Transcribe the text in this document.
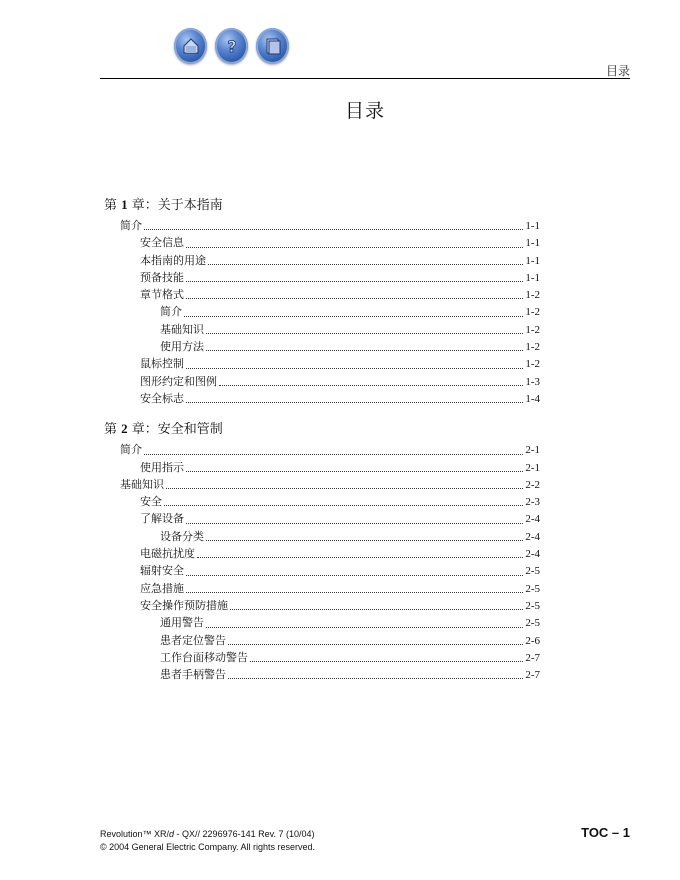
?
目录
目录
第 1 章：关于本指南
简介	1-1
安全信息	1-1
本指南的用途	1-1
预备技能	1-1
章节格式	1-2
简介	1-2
基础知识	1-2
使用方法	1-2
鼠标控制	1-2
图形约定和图例	1-3
安全标志	1-4
第 2 章：安全和管制
简介	2-1
使用指示	2-1
基础知识	2-2
安全	2-3
了解设备	2-4
设备分类	2-4
电磁抗扰度	2-4
辐射安全	2-5
应急措施	2-5
安全操作预防措施	2-5
通用警告	2-5
患者定位警告	2-6
工作台面移动警告	2-7
患者手柄警告	2-7
Revolution™ XR/d - QX// 2296976-141 Rev. 7 (10/04)
© 2004 General Electric Company. All rights reserved.
TOC – 1
